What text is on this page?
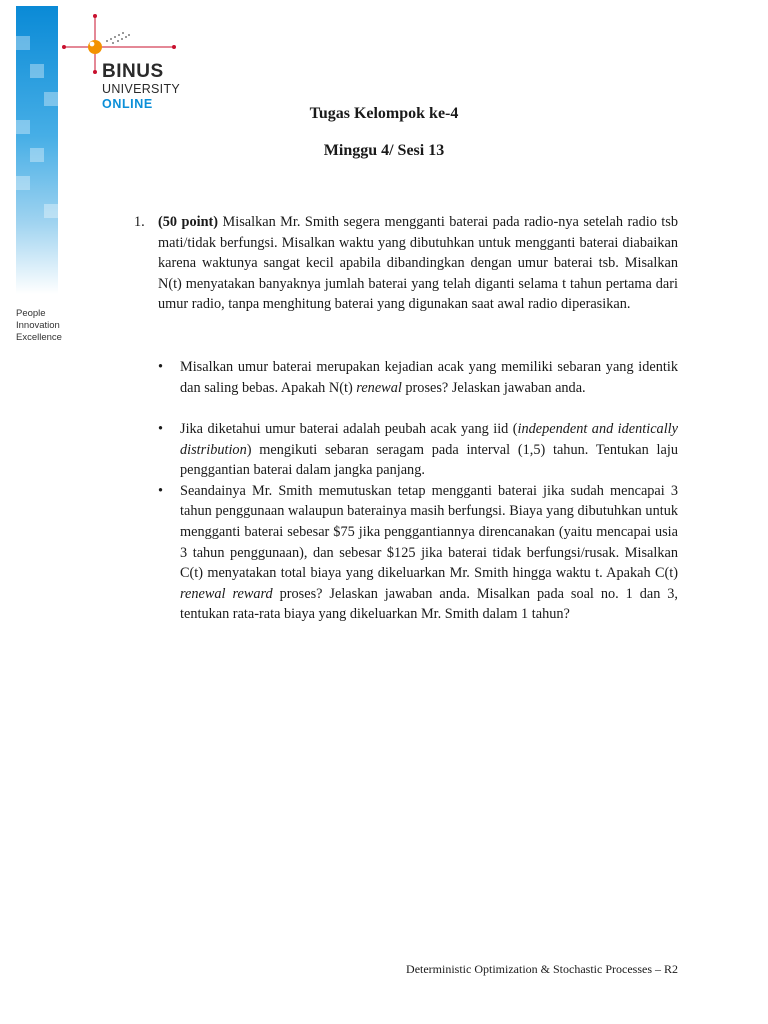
BINUS
UNIVERSITY
ONLINE
People
Innovation
Excellence
Tugas Kelompok ke-4
Minggu 4/ Sesi 13
1. (50 point) Misalkan Mr. Smith segera mengganti baterai pada radio-nya setelah radio tsb mati/tidak berfungsi. Misalkan waktu yang dibutuhkan untuk mengganti baterai diabaikan karena waktunya sangat kecil apabila dibandingkan dengan umur baterai tsb. Misalkan N(t) menyatakan banyaknya jumlah baterai yang telah diganti selama t tahun pertama dari umur radio, tanpa menghitung baterai yang digunakan saat awal radio diperasikan.
• Misalkan umur baterai merupakan kejadian acak yang memiliki sebaran yang identik dan saling bebas. Apakah N(t) renewal proses? Jelaskan jawaban anda.
• Jika diketahui umur baterai adalah peubah acak yang iid (independent and identically distribution) mengikuti sebaran seragam pada interval (1,5) tahun. Tentukan laju penggantian baterai dalam jangka panjang.
• Seandainya Mr. Smith memutuskan tetap mengganti baterai jika sudah mencapai 3 tahun penggunaan walaupun baterainya masih berfungsi. Biaya yang dibutuhkan untuk mengganti baterai sebesar $75 jika penggantiannya direncanakan (yaitu mencapai usia 3 tahun penggunaan), dan sebesar $125 jika baterai tidak berfungsi/rusak. Misalkan C(t) menyatakan total biaya yang dikeluarkan Mr. Smith hingga waktu t. Apakah C(t) renewal reward proses? Jelaskan jawaban anda. Misalkan pada soal no. 1 dan 3, tentukan rata-rata biaya yang dikeluarkan Mr. Smith dalam 1 tahun?
Deterministic Optimization & Stochastic Processes – R2
